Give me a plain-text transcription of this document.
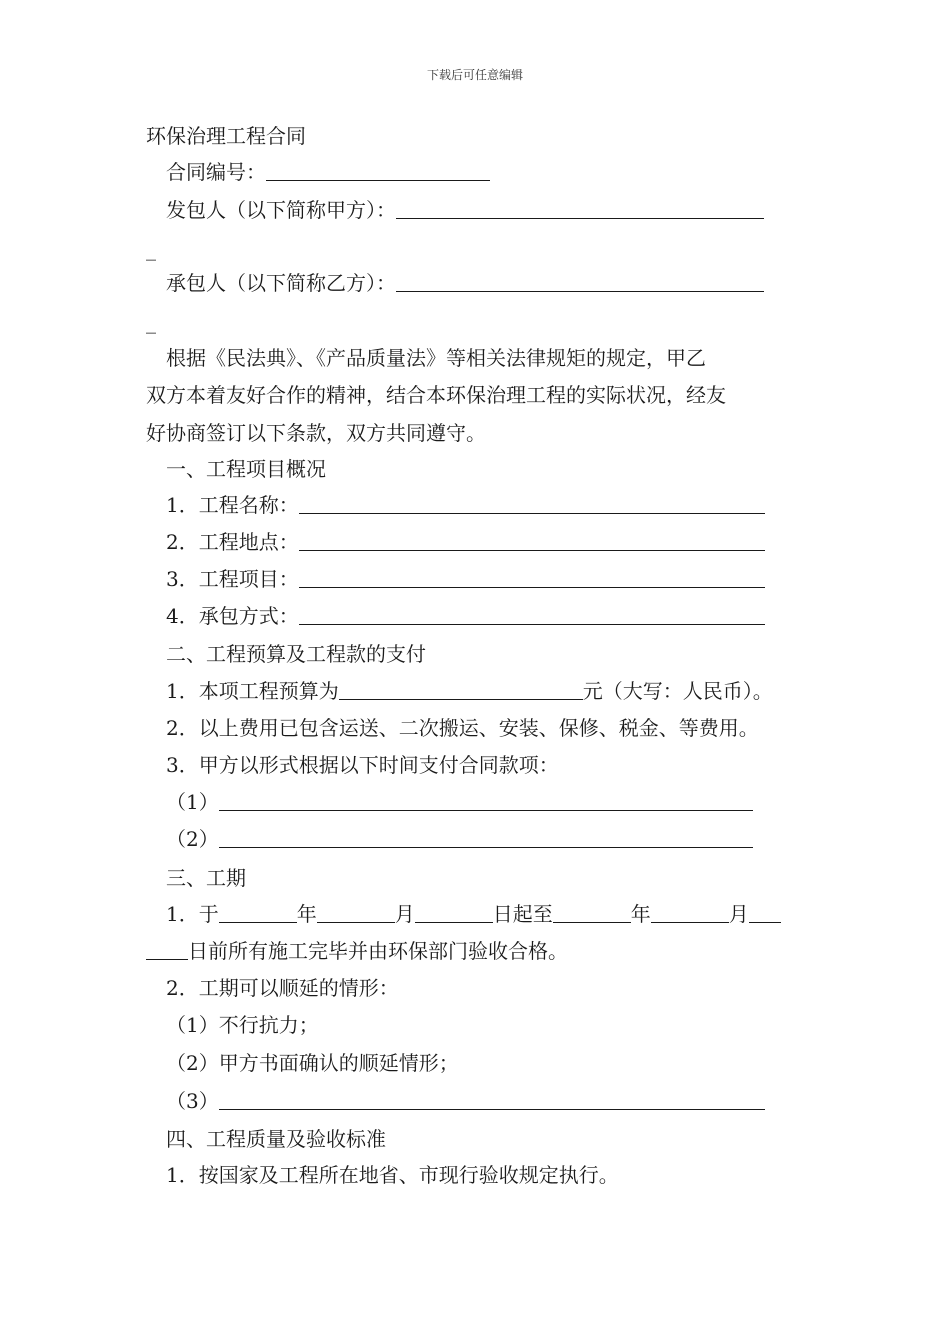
下载后可任意编辑
环保治理工程合同
合同编号：
发包人（以下简称甲方）：
_
承包人（以下简称乙方）：
_
根据《民法典》、《产品质量法》等相关法律规矩的规定，甲乙
双方本着友好合作的精神，结合本环保治理工程的实际状况，经友
好协商签订以下条款，双方共同遵守。
一、工程项目概况
1．工程名称：
2．工程地点：
3．工程项目：
4．承包方式：
二、工程预算及工程款的支付
1．本项工程预算为	元（大写：人民币）。
2．以上费用已包含运送、二次搬运、安装、保修、税金、等费用。
3．甲方以形式根据以下时间支付合同款项：
（1）
（2）
三、工期
1．于	年	月	日起至	年	月
日前所有施工完毕并由环保部门验收合格。
2．工期可以顺延的情形：
（1）不行抗力；
（2）甲方书面确认的顺延情形；
（3）
四、工程质量及验收标准
1．按国家及工程所在地省、市现行验收规定执行。
